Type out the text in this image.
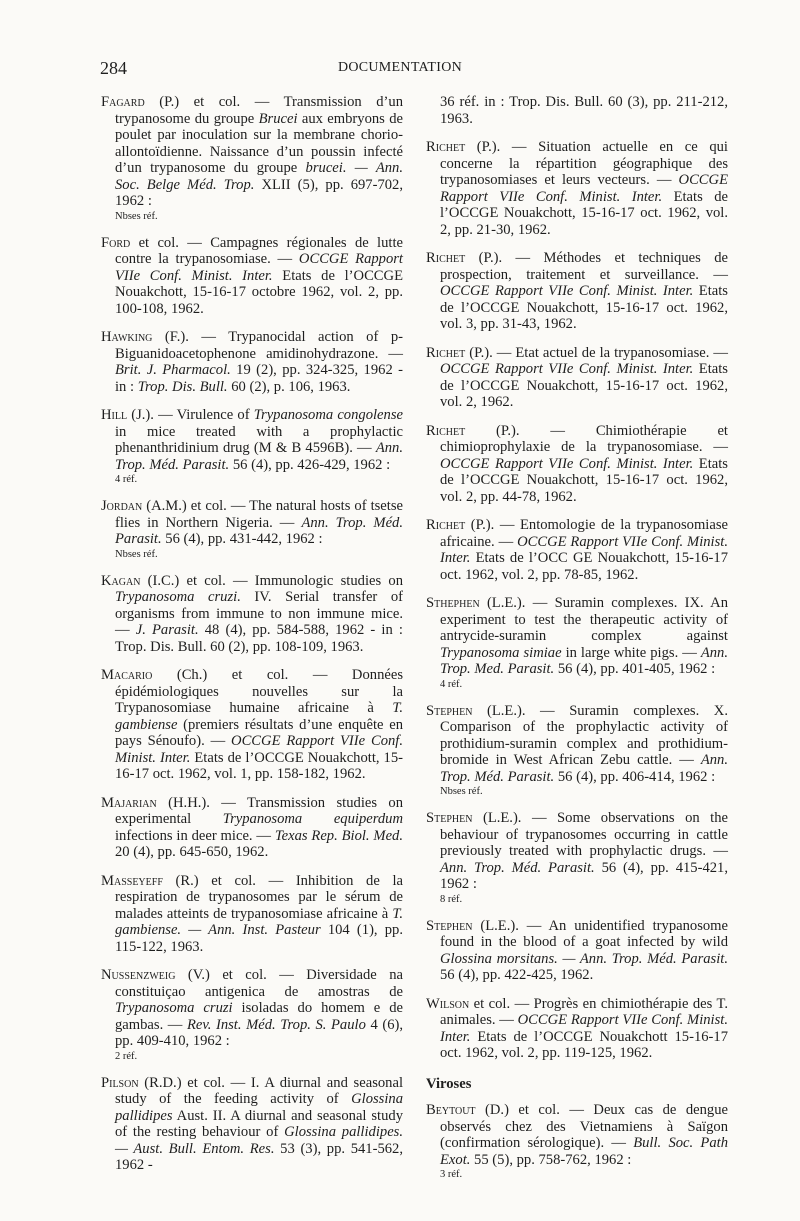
284	DOCUMENTATION
Fagard (P.) et col. — Transmission d’un trypanosome du groupe Brucei aux embryons de poulet par inoculation sur la membrane chorio-allontoïdienne. Naissance d’un poussin infecté d’un trypanosome du groupe brucei. — Ann. Soc. Belge Méd. Trop. XLII (5), pp. 697-702, 1962 :
Nbses réf.
Ford et col. — Campagnes régionales de lutte contre la trypanosomiase. — OCCGE Rapport VIIe Conf. Minist. Inter. Etats de l’OCCGE Nouakchott, 15-16-17 octobre 1962, vol. 2, pp. 100-108, 1962.
Hawking (F.). — Trypanocidal action of p-Biguanidoacetophenone amidinohydrazone. — Brit. J. Pharmacol. 19 (2), pp. 324-325, 1962 - in : Trop. Dis. Bull. 60 (2), p. 106, 1963.
Hill (J.). — Virulence of Trypanosoma congolense in mice treated with a prophylactic phenanthridinium drug (M & B 4596B). — Ann. Trop. Méd. Parasit. 56 (4), pp. 426-429, 1962 :
4 réf.
Jordan (A.M.) et col. — The natural hosts of tsetse flies in Northern Nigeria. — Ann. Trop. Méd. Parasit. 56 (4), pp. 431-442, 1962 :
Nbses réf.
Kagan (I.C.) et col. — Immunologic studies on Trypanosoma cruzi. IV. Serial transfer of organisms from immune to non immune mice. — J. Parasit. 48 (4), pp. 584-588, 1962 - in : Trop. Dis. Bull. 60 (2), pp. 108-109, 1963.
Macario (Ch.) et col. — Données épidémiologiques nouvelles sur la Trypanosomiase humaine africaine à T. gambiense (premiers résultats d’une enquête en pays Sénoufo). — OCCGE Rapport VIIe Conf. Minist. Inter. Etats de l’OCCGE Nouakchott, 15-16-17 oct. 1962, vol. 1, pp. 158-182, 1962.
Majarian (H.H.). — Transmission studies on experimental Trypanosoma equiperdum infections in deer mice. — Texas Rep. Biol. Med. 20 (4), pp. 645-650, 1962.
Masseyeff (R.) et col. — Inhibition de la respiration de trypanosomes par le sérum de malades atteints de trypanosomiase africaine à T. gambiense. — Ann. Inst. Pasteur 104 (1), pp. 115-122, 1963.
Nussenzweig (V.) et col. — Diversidade na constituiçao antigenica de amostras de Trypanosoma cruzi isoladas do homem e de gambas. — Rev. Inst. Méd. Trop. S. Paulo 4 (6), pp. 409-410, 1962 :
2 réf.
Pilson (R.D.) et col. — I. A diurnal and seasonal study of the feeding activity of Glossina pallidipes Aust. II. A diurnal and seasonal study of the resting behaviour of Glossina pallidipes. — Aust. Bull. Entom. Res. 53 (3), pp. 541-562, 1962 -
36 réf. in : Trop. Dis. Bull. 60 (3), pp. 211-212, 1963.
Richet (P.). — Situation actuelle en ce qui concerne la répartition géographique des trypanosomiases et leurs vecteurs. — OCCGE Rapport VIIe Conf. Minist. Inter. Etats de l’OCCGE Nouakchott, 15-16-17 oct. 1962, vol. 2, pp. 21-30, 1962.
Richet (P.). — Méthodes et techniques de prospection, traitement et surveillance. — OCCGE Rapport VIIe Conf. Minist. Inter. Etats de l’OCCGE Nouakchott, 15-16-17 oct. 1962, vol. 3, pp. 31-43, 1962.
Richet (P.). — Etat actuel de la trypanosomiase. — OCCGE Rapport VIIe Conf. Minist. Inter. Etats de l’OCCGE Nouakchott, 15-16-17 oct. 1962, vol. 2, 1962.
Richet (P.). — Chimiothérapie et chimioprophylaxie de la trypanosomiase. — OCCGE Rapport VIIe Conf. Minist. Inter. Etats de l’OCCGE Nouakchott, 15-16-17 oct. 1962, vol. 2, pp. 44-78, 1962.
Richet (P.). — Entomologie de la trypanosomiase africaine. — OCCGE Rapport VIIe Conf. Minist. Inter. Etats de l’OCC GE Nouakchott, 15-16-17 oct. 1962, vol. 2, pp. 78-85, 1962.
Sthephen (L.E.). — Suramin complexes. IX. An experiment to test the therapeutic activity of antrycide-suramin complex against Trypanosoma simiae in large white pigs. — Ann. Trop. Med. Parasit. 56 (4), pp. 401-405, 1962 :
4 réf.
Stephen (L.E.). — Suramin complexes. X. Comparison of the prophylactic activity of prothidium-suramin complex and prothidium-bromide in West African Zebu cattle. — Ann. Trop. Méd. Parasit. 56 (4), pp. 406-414, 1962 :
Nbses réf.
Stephen (L.E.). — Some observations on the behaviour of trypanosomes occurring in cattle previously treated with prophylactic drugs. — Ann. Trop. Méd. Parasit. 56 (4), pp. 415-421, 1962 :
8 réf.
Stephen (L.E.). — An unidentified trypanosome found in the blood of a goat infected by wild Glossina morsitans. — Ann. Trop. Méd. Parasit. 56 (4), pp. 422-425, 1962.
Wilson et col. — Progrès en chimiothérapie des T. animales. — OCCGE Rapport VIIe Conf. Minist. Inter. Etats de l’OCCGE Nouakchott 15-16-17 oct. 1962, vol. 2, pp. 119-125, 1962.
Viroses
Beytout (D.) et col. — Deux cas de dengue observés chez des Vietnamiens à Saïgon (confirmation sérologique). — Bull. Soc. Path Exot. 55 (5), pp. 758-762, 1962 :
3 réf.
